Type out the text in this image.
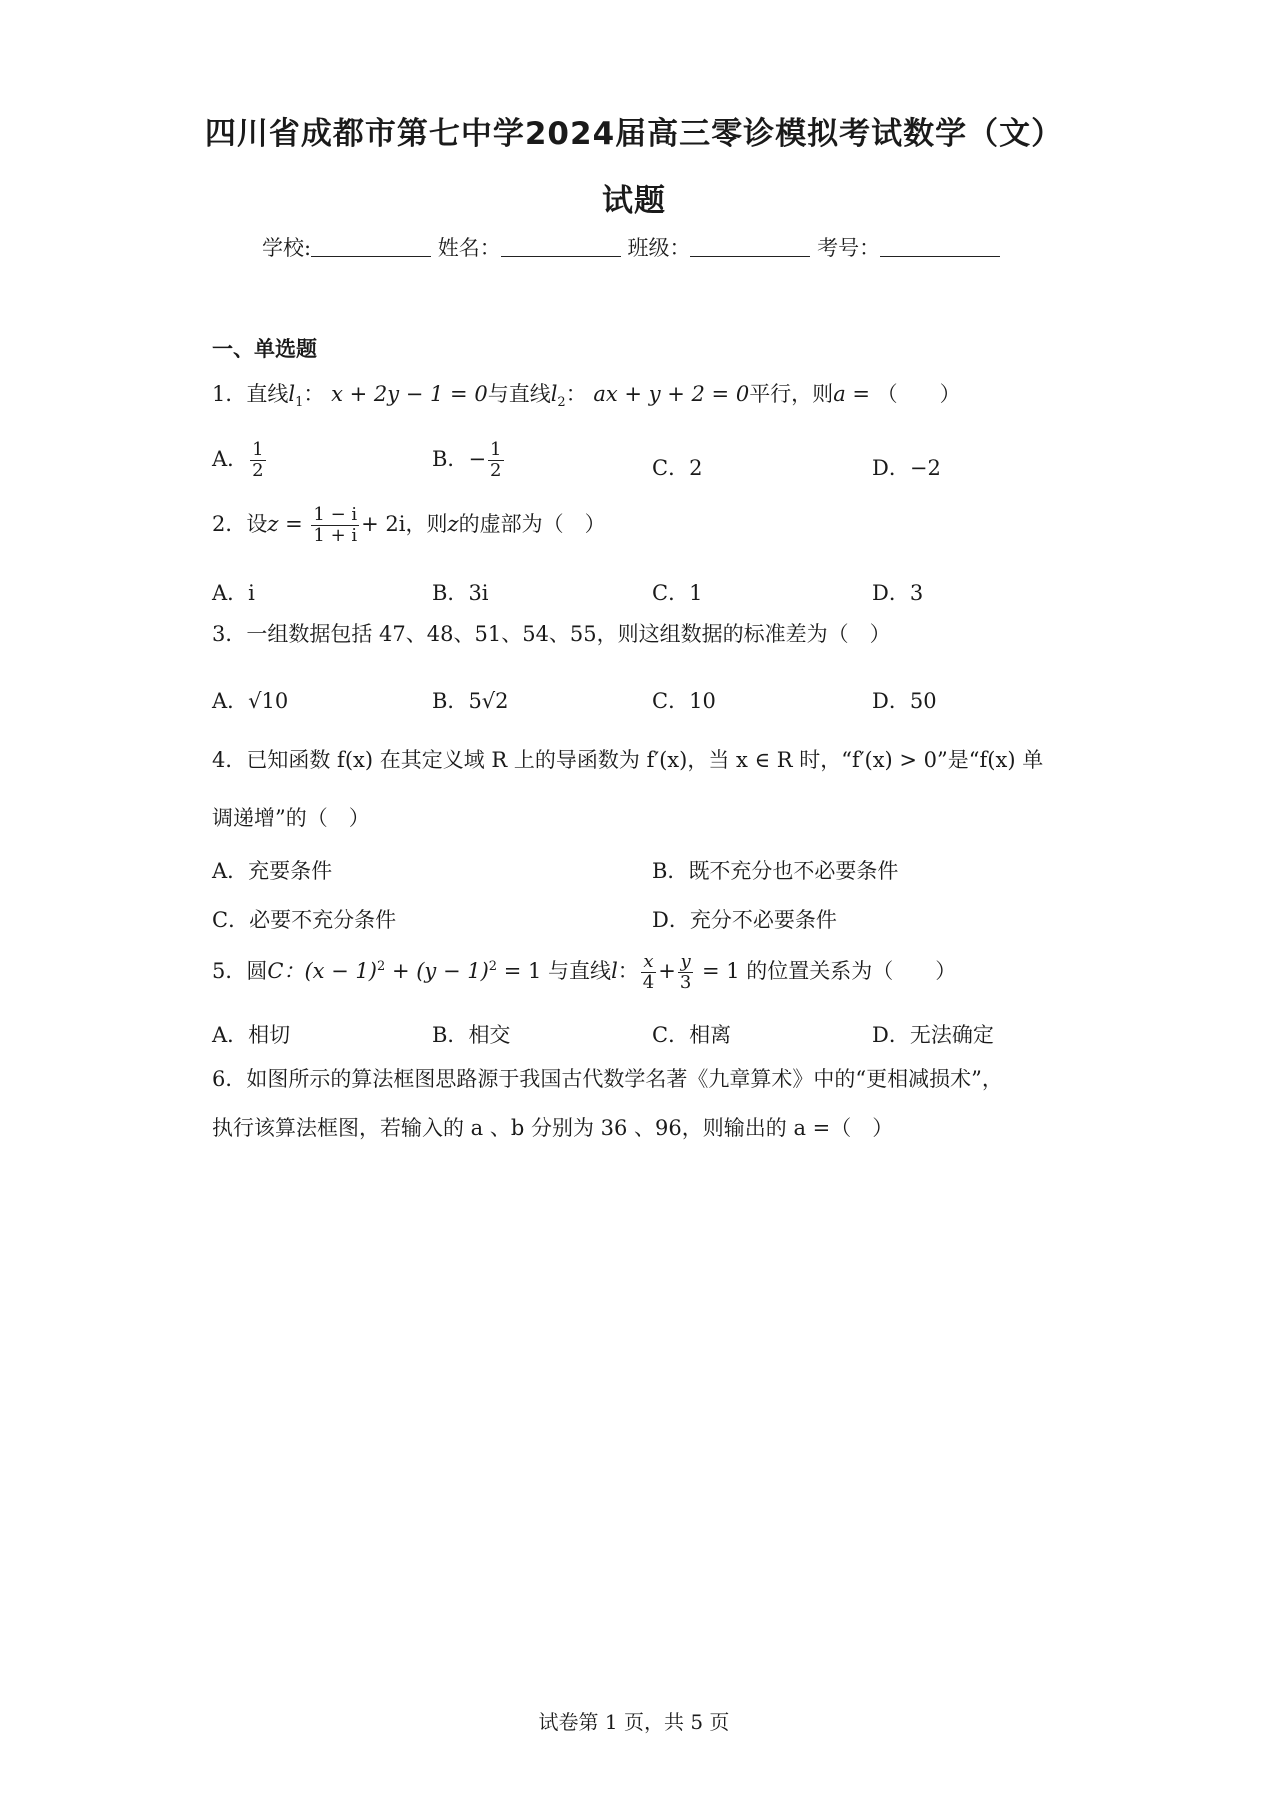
四川省成都市第七中学2024届高三零诊模拟考试数学（文）
试题
学校:	姓名：	班级：	考号：
一、单选题
1．直线$l_1$： x + 2y − 1 = 0与直线$l_2$： ax + y + 2 = 0平行，则a = （　　）
A． $\frac{1}{2}$	B．− $\frac{1}{2}$	C．2	D．−2
2．设$z = \frac{1 - i}{1 + i} + 2i$，则z的虚部为（　）
A．i	B．3i	C．1	D．3
3．一组数据包括 47、48、51、54、55，则这组数据的标准差为（　）
A．√10	B．5√2	C．10	D．50
4．已知函数 f(x) 在其定义域 R 上的导函数为 f′(x)，当 x ∈ R 时，“f′(x) > 0”是“f(x) 单
调递增”的（　）
A．充要条件	B．既不充分也不必要条件
C．必要不充分条件	D．充分不必要条件
5．圆C：$(x - 1)^2 + (y - 1)^2 = 1$ 与直线l： $\frac{x}{4} + \frac{y}{3} = 1$ 的位置关系为（　　）
A．相切	B．相交	C．相离	D．无法确定
6．如图所示的算法框图思路源于我国古代数学名著《九章算术》中的“更相减损术”，
执行该算法框图，若输入的 a 、b 分别为 36 、96，则输出的 a =（　）
试卷第 1 页，共 5 页
